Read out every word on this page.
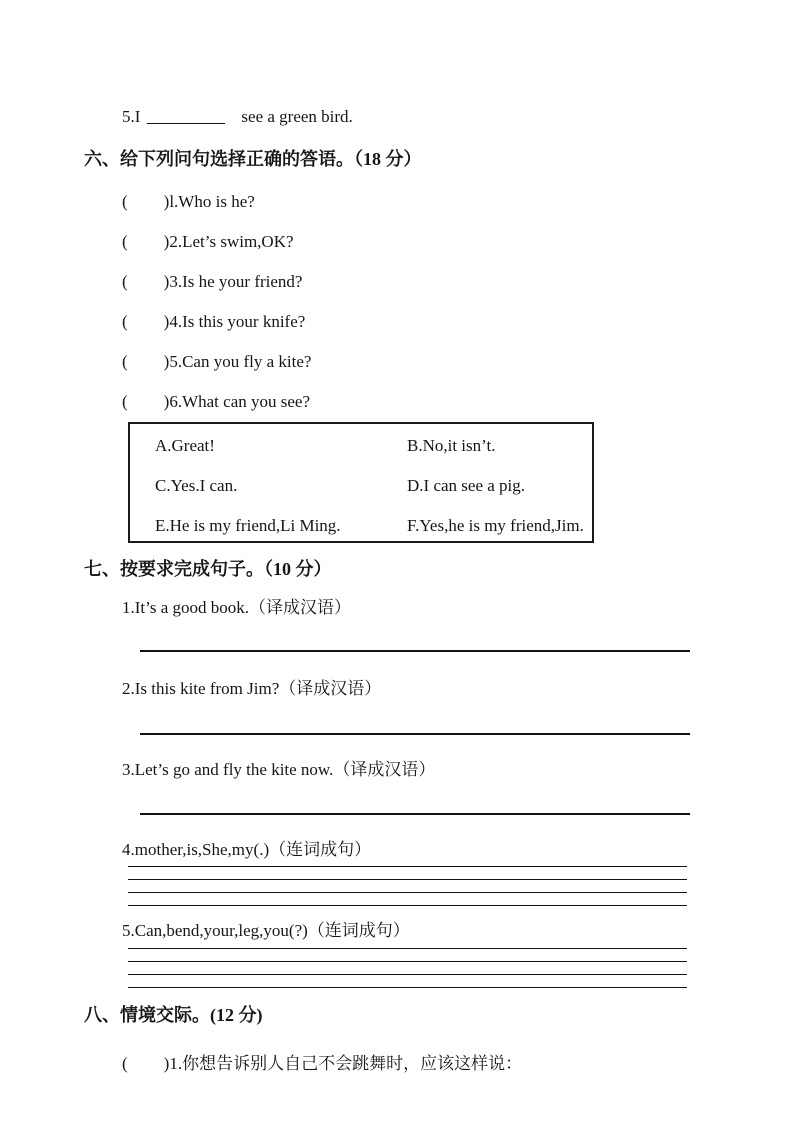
5.I	see a green bird.
六、给下列问句选择正确的答语。（18 分）
( )l.Who is he?
( )2.Let’s swim,OK?
( )3.Is he your friend?
( )4.Is this your knife?
( )5.Can you fly a kite?
( )6.What can you see?
A.Great!	B.No,it isn’t.
C.Yes.I can.	D.I can see a pig.
E.He is my friend,Li Ming.	F.Yes,he is my friend,Jim.
七、按要求完成句子。（10 分）
1.It’s a good book.（译成汉语）
2.Is this kite from Jim?（译成汉语）
3.Let’s go and fly the kite now.（译成汉语）
4.mother,is,She,my(.)（连词成句）
5.Can,bend,your,leg,you(?)（连词成句）
八、情境交际。(12 分)
( )1.你想告诉别人自己不会跳舞时，应该这样说：
